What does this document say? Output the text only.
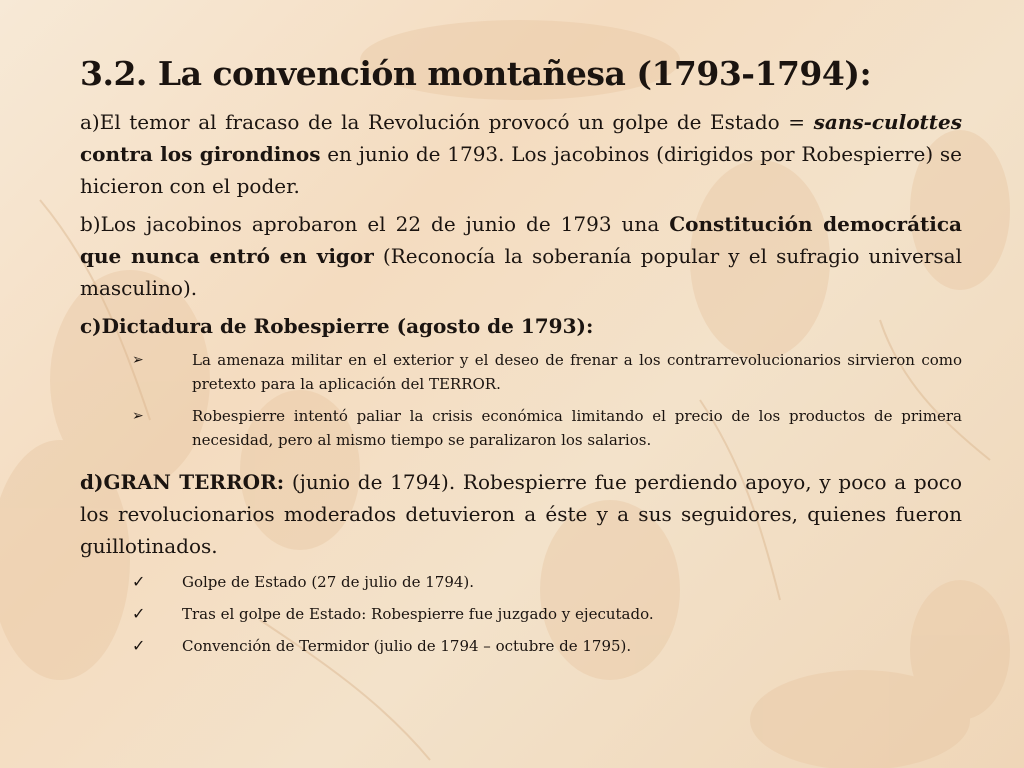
3.2. La convención montañesa (1793-1794):

a)El temor al fracaso de la Revolución provocó un golpe de Estado = sans-culottes contra los girondinos en junio de 1793. Los jacobinos (dirigidos por Robespierre) se hicieron con el poder.

b)Los jacobinos aprobaron el 22 de junio de 1793 una Constitución democrática que nunca entró en vigor (Reconocía la soberanía popular y el sufragio universal masculino).

c)Dictadura de Robespierre (agosto de 1793):

➢	La amenaza militar en el exterior y el deseo de frenar a los contrarrevolucionarios sirvieron como pretexto para la aplicación del TERROR.
➢	Robespierre intentó paliar la crisis económica limitando el precio de los productos de primera necesidad, pero al mismo tiempo se paralizaron los salarios.

d)GRAN TERROR: (junio de 1794). Robespierre fue perdiendo apoyo, y poco a poco los revolucionarios moderados detuvieron a éste y a sus seguidores, quienes fueron guillotinados.

✓	Golpe de Estado (27 de julio de 1794).
✓	Tras el golpe de Estado: Robespierre fue juzgado y ejecutado.
✓	Convención de Termidor (julio de 1794 – octubre de 1795).
